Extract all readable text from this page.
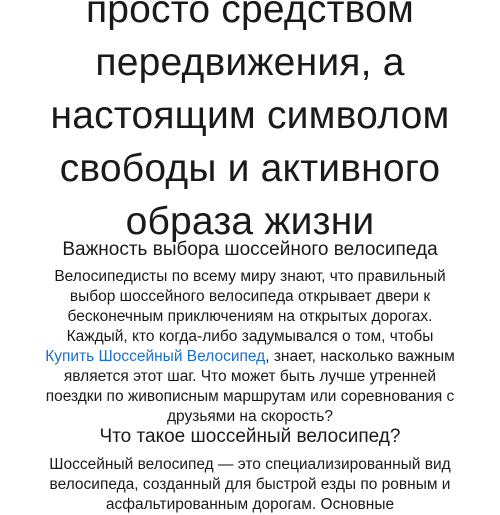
просто средством
передвижения, а
настоящим символом
свободы и активного
образа жизни
Важность выбора шоссейного велосипеда

Велосипедисты по всему миру знают, что правильный выбор шоссейного велосипеда открывает двери к бесконечным приключениям на открытых дорогах. Каждый, кто когда-либо задумывался о том, чтобы Купить Шоссейный Велосипед, знает, насколько важным является этот шаг. Что может быть лучше утренней поездки по живописным маршрутам или соревнования с друзьями на скорость?

Что такое шоссейный велосипед?

Шоссейный велосипед — это специализированный вид велосипеда, созданный для быстрой езды по ровным и асфальтированным дорогам. Основные
